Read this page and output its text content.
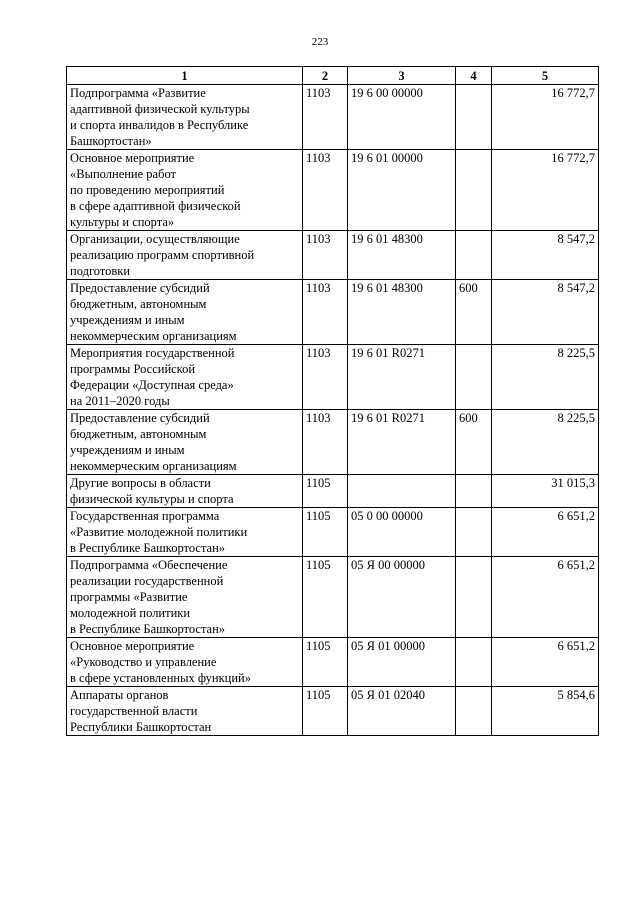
223
1	2	3	4	5
Подпрограмма «Развитие
адаптивной физической культуры
и спорта инвалидов в Республике
Башкортостан»	1103	19 6 00 00000		16 772,7
Основное мероприятие
«Выполнение работ
по проведению мероприятий
в сфере адаптивной физической
культуры и спорта»	1103	19 6 01 00000		16 772,7
Организации, осуществляющие
реализацию программ спортивной
подготовки	1103	19 6 01 48300		8 547,2
Предоставление субсидий
бюджетным, автономным
учреждениям и иным
некоммерческим организациям	1103	19 6 01 48300	600	8 547,2
Мероприятия государственной
программы Российской
Федерации «Доступная среда»
на 2011–2020 годы	1103	19 6 01 R0271		8 225,5
Предоставление субсидий
бюджетным, автономным
учреждениям и иным
некоммерческим организациям	1103	19 6 01 R0271	600	8 225,5
Другие вопросы в области
физической культуры и спорта	1105			31 015,3
Государственная программа
«Развитие молодежной политики
в Республике Башкортостан»	1105	05 0 00 00000		6 651,2
Подпрограмма «Обеспечение
реализации государственной
программы «Развитие
молодежной политики
в Республике Башкортостан»	1105	05 Я 00 00000		6 651,2
Основное мероприятие
«Руководство и управление
в сфере установленных функций»	1105	05 Я 01 00000		6 651,2
Аппараты органов
государственной власти
Республики Башкортостан	1105	05 Я 01 02040		5 854,6
